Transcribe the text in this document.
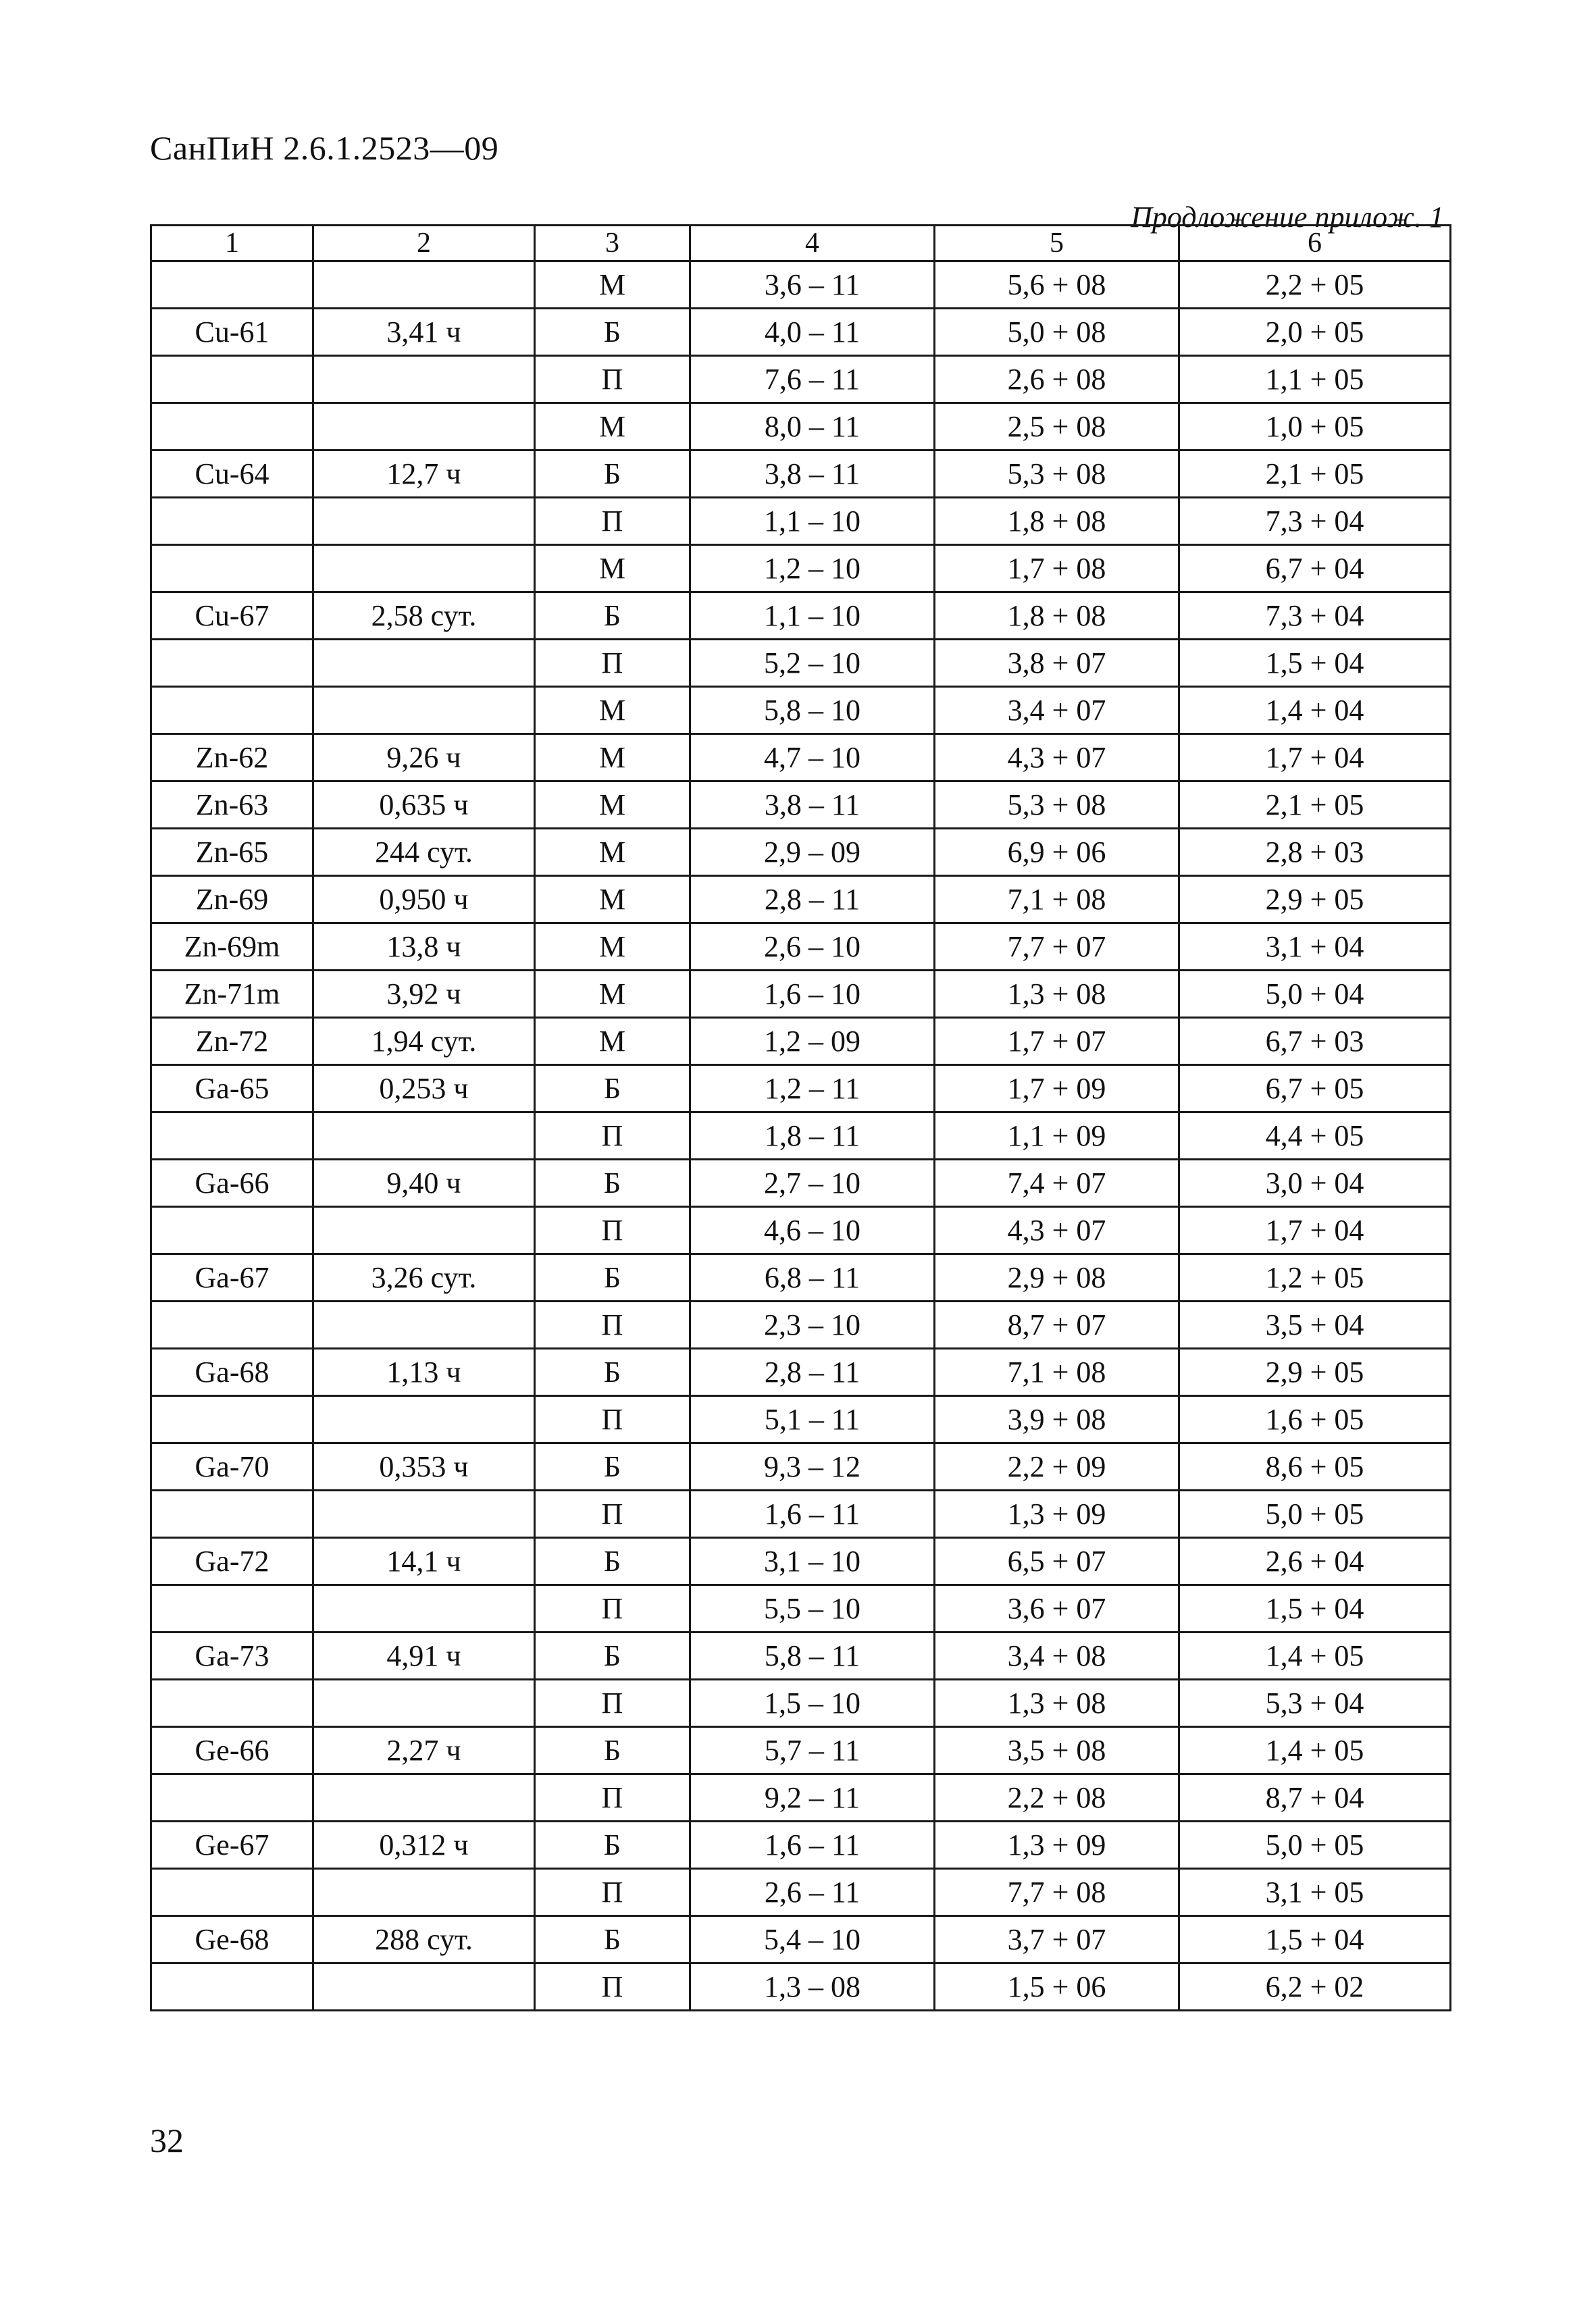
СанПиН 2.6.1.2523—09
Продложение прилож. 1
1	2	3	4	5	6
		М	3,6 – 11	5,6 + 08	2,2 + 05
Cu-61	3,41 ч	Б	4,0 – 11	5,0 + 08	2,0 + 05
		П	7,6 – 11	2,6 + 08	1,1 + 05
		М	8,0 – 11	2,5 + 08	1,0 + 05
Cu-64	12,7 ч	Б	3,8 – 11	5,3 + 08	2,1 + 05
		П	1,1 – 10	1,8 + 08	7,3 + 04
		М	1,2 – 10	1,7 + 08	6,7 + 04
Cu-67	2,58 сут.	Б	1,1 – 10	1,8 + 08	7,3 + 04
		П	5,2 – 10	3,8 + 07	1,5 + 04
		М	5,8 – 10	3,4 + 07	1,4 + 04
Zn-62	9,26 ч	М	4,7 – 10	4,3 + 07	1,7 + 04
Zn-63	0,635 ч	М	3,8 – 11	5,3 + 08	2,1 + 05
Zn-65	244 сут.	М	2,9 – 09	6,9 + 06	2,8 + 03
Zn-69	0,950 ч	М	2,8 – 11	7,1 + 08	2,9 + 05
Zn-69m	13,8 ч	М	2,6 – 10	7,7 + 07	3,1 + 04
Zn-71m	3,92 ч	М	1,6 – 10	1,3 + 08	5,0 + 04
Zn-72	1,94 сут.	М	1,2 – 09	1,7 + 07	6,7 + 03
Ga-65	0,253 ч	Б	1,2 – 11	1,7 + 09	6,7 + 05
		П	1,8 – 11	1,1 + 09	4,4 + 05
Ga-66	9,40 ч	Б	2,7 – 10	7,4 + 07	3,0 + 04
		П	4,6 – 10	4,3 + 07	1,7 + 04
Ga-67	3,26 сут.	Б	6,8 – 11	2,9 + 08	1,2 + 05
		П	2,3 – 10	8,7 + 07	3,5 + 04
Ga-68	1,13 ч	Б	2,8 – 11	7,1 + 08	2,9 + 05
		П	5,1 – 11	3,9 + 08	1,6 + 05
Ga-70	0,353 ч	Б	9,3 – 12	2,2 + 09	8,6 + 05
		П	1,6 – 11	1,3 + 09	5,0 + 05
Ga-72	14,1 ч	Б	3,1 – 10	6,5 + 07	2,6 + 04
		П	5,5 – 10	3,6 + 07	1,5 + 04
Ga-73	4,91 ч	Б	5,8 – 11	3,4 + 08	1,4 + 05
		П	1,5 – 10	1,3 + 08	5,3 + 04
Ge-66	2,27 ч	Б	5,7 – 11	3,5 + 08	1,4 + 05
		П	9,2 – 11	2,2 + 08	8,7 + 04
Ge-67	0,312 ч	Б	1,6 – 11	1,3 + 09	5,0 + 05
		П	2,6 – 11	7,7 + 08	3,1 + 05
Ge-68	288 сут.	Б	5,4 – 10	3,7 + 07	1,5 + 04
		П	1,3 – 08	1,5 + 06	6,2 + 02
32
